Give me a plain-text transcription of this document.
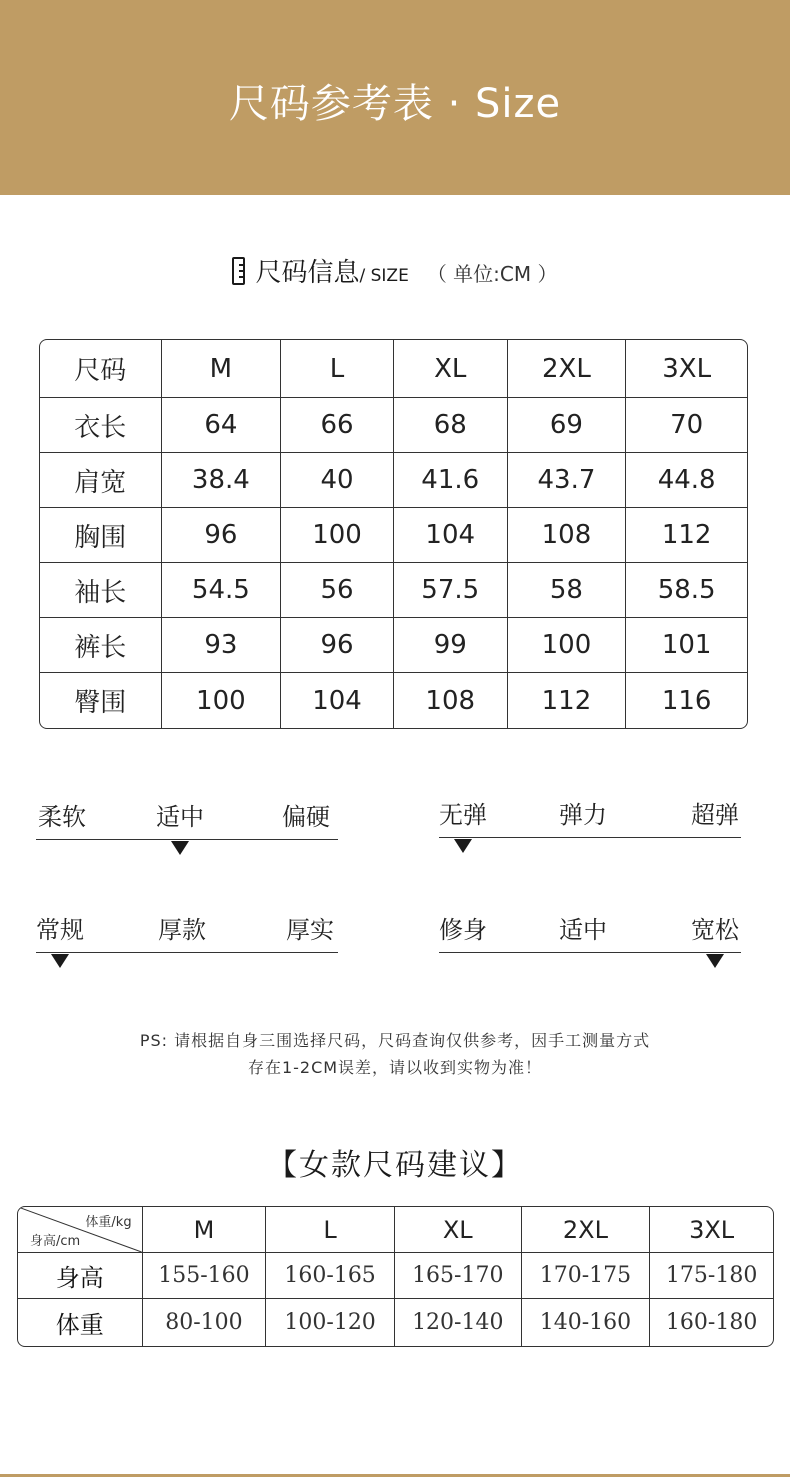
尺码参考表 · Size
尺码信息/ SIZE （ 单位:CM ）
尺码	M	L	XL	2XL	3XL
衣长	64	66	68	69	70
肩宽	38.4	40	41.6	43.7	44.8
胸围	96	100	104	108	112
袖长	54.5	56	57.5	58	58.5
裤长	93	96	99	100	101
臀围	100	104	108	112	116
柔软	适中	偏硬	无弹	弹力	超弹
常规	厚款	厚实	修身	适中	宽松
PS: 请根据自身三围选择尺码，尺码查询仅供参考，因手工测量方式
存在1-2CM误差，请以收到实物为准！
【女款尺码建议】
体重/kg
身高/cm	M	L	XL	2XL	3XL
身高	155-160	160-165	165-170	170-175	175-180
体重	80-100	100-120	120-140	140-160	160-180
